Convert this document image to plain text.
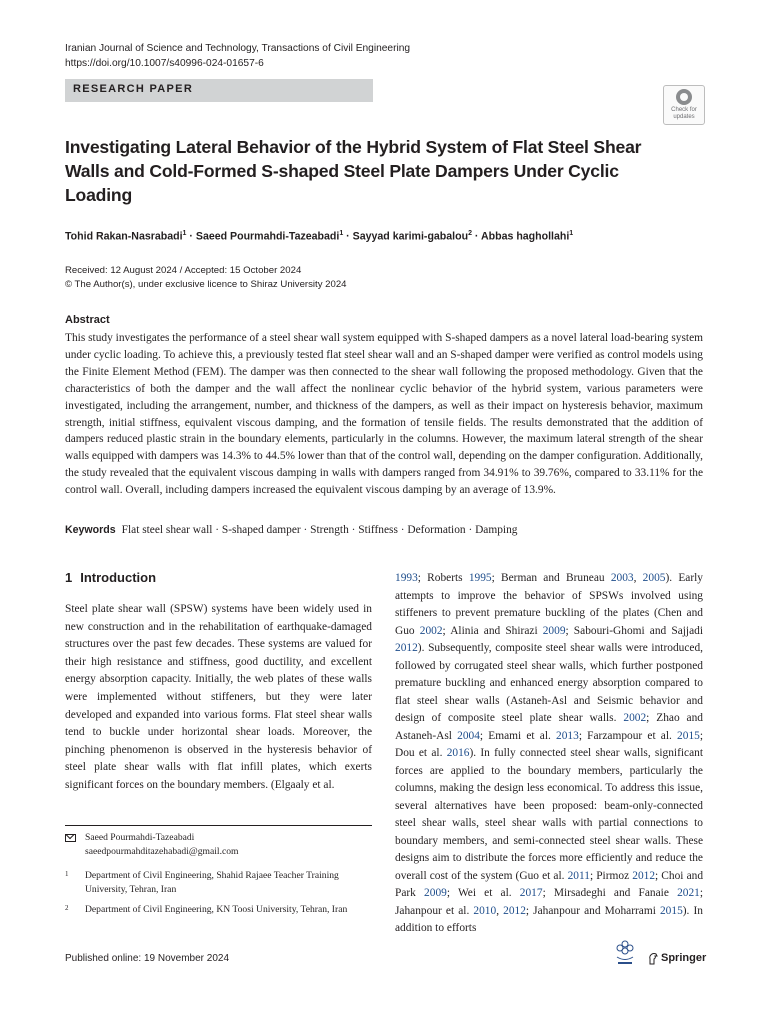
Iranian Journal of Science and Technology, Transactions of Civil Engineering
https://doi.org/10.1007/s40996-024-01657-6
RESEARCH PAPER
Check for
updates
Investigating Lateral Behavior of the Hybrid System of Flat Steel Shear Walls and Cold-Formed S-shaped Steel Plate Dampers Under Cyclic Loading
Tohid Rakan-Nasrabadi$^1$ · Saeed Pourmahdi-Tazeabadi$^1$ · Sayyad karimi-gabalou$^2$ · Abbas haghollahi$^1$
Received: 12 August 2024 / Accepted: 15 October 2024
© The Author(s), under exclusive licence to Shiraz University 2024
Abstract
This study investigates the performance of a steel shear wall system equipped with S-shaped dampers as a novel lateral load-bearing system under cyclic loading. To achieve this, a previously tested flat steel shear wall and an S-shaped damper were verified as control models using the Finite Element Method (FEM). The damper was then connected to the shear wall following the proposed methodology. Given that the characteristics of both the damper and the wall affect the nonlinear cyclic behavior of the hybrid system, various parameters were investigated, including the arrangement, number, and thickness of the dampers, as well as their impact on hysteresis behavior, maximum strength, initial stiffness, equivalent viscous damping, and the formation of tensile fields. The results demonstrated that the addition of dampers reduced plastic strain in the boundary elements, particularly in the columns. However, the maximum lateral strength of the shear walls equipped with dampers was 14.3% to 44.5% lower than that of the control wall, depending on the damper configuration. Additionally, the study revealed that the equivalent viscous damping in walls with dampers ranged from 34.91% to 39.76%, compared to 33.11% for the control wall. Overall, including dampers increased the equivalent viscous damping by an average of 13.9%.
Keywords Flat steel shear wall · S-shaped damper · Strength · Stiffness · Deformation · Damping
1 Introduction
Steel plate shear wall (SPSW) systems have been widely used in new construction and in the rehabilitation of earthquake-damaged structures over the past few decades. These systems are valued for their high resistance and stiffness, good ductility, and excellent energy absorption capacity. Initially, the web plates of these walls were implemented without stiffeners, but they were later developed and expanded into various forms. Flat steel shear walls tend to buckle under horizontal shear loads. Moreover, the pinching phenomenon is observed in the hysteresis behavior of steel plate shear walls with flat infill plates, which exerts significant forces on the boundary members. (Elgaaly et al.
1993; Roberts 1995; Berman and Bruneau 2003, 2005). Early attempts to improve the behavior of SPSWs involved using stiffeners to prevent premature buckling of the plates (Chen and Guo 2002; Alinia and Shirazi 2009; Sabouri-Ghomi and Sajjadi 2012). Subsequently, composite steel shear walls were introduced, followed by corrugated steel shear walls, which further postponed premature buckling and enhanced energy absorption compared to flat steel shear walls (Astaneh-Asl and Seismic behavior and design of composite steel plate shear walls. 2002; Zhao and Astaneh-Asl 2004; Emami et al. 2013; Farzampour et al. 2015; Dou et al. 2016). In fully connected steel shear walls, significant forces are applied to the boundary members, particularly the columns, making the design less economical. To address this issue, several alternatives have been proposed: beam-only-connected steel shear walls, steel shear walls with partial connections to boundary members, and semi-connected steel shear walls. These designs aim to distribute the forces more efficiently and reduce the overall cost of the system (Guo et al. 2011; Pirmoz 2012; Choi and Park 2009; Wei et al. 2017; Mirsadeghi and Fanaie 2021; Jahanpour et al. 2010, 2012; Jahanpour and Moharrami 2015). In addition to efforts
Saeed Pourmahdi-Tazeabadi
saeedpourmahditazehabadi@gmail.com
1 Department of Civil Engineering, Shahid Rajaee Teacher Training University, Tehran, Iran
2 Department of Civil Engineering, KN Toosi University, Tehran, Iran
Published online: 19 November 2024	Springer
